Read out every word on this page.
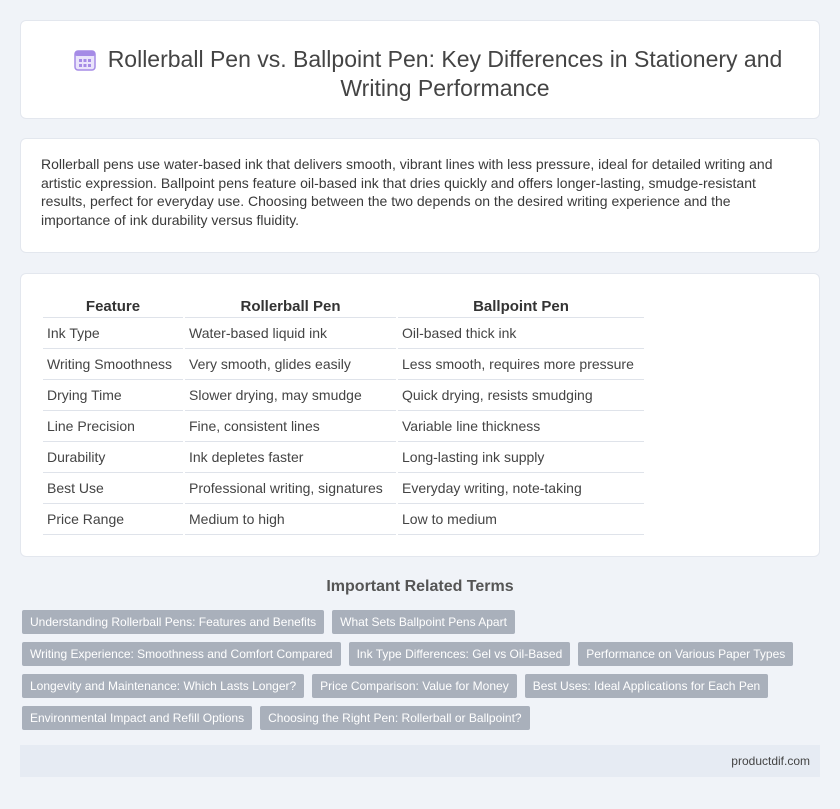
Rollerball Pen vs. Ballpoint Pen: Key Differences in Stationery and Writing Performance

Rollerball pens use water-based ink that delivers smooth, vibrant lines with less pressure, ideal for detailed writing and artistic expression. Ballpoint pens feature oil-based ink that dries quickly and offers longer-lasting, smudge-resistant results, perfect for everyday use. Choosing between the two depends on the desired writing experience and the importance of ink durability versus fluidity.

Feature	Rollerball Pen	Ballpoint Pen
Ink Type	Water-based liquid ink	Oil-based thick ink
Writing Smoothness	Very smooth, glides easily	Less smooth, requires more pressure
Drying Time	Slower drying, may smudge	Quick drying, resists smudging
Line Precision	Fine, consistent lines	Variable line thickness
Durability	Ink depletes faster	Long-lasting ink supply
Best Use	Professional writing, signatures	Everyday writing, note-taking
Price Range	Medium to high	Low to medium
Important Related Terms
Understanding Rollerball Pens: Features and Benefits	What Sets Ballpoint Pens Apart
Writing Experience: Smoothness and Comfort Compared	Ink Type Differences: Gel vs Oil-Based	Performance on Various Paper Types
Longevity and Maintenance: Which Lasts Longer?	Price Comparison: Value for Money	Best Uses: Ideal Applications for Each Pen
Environmental Impact and Refill Options	Choosing the Right Pen: Rollerball or Ballpoint?
productdif.com
